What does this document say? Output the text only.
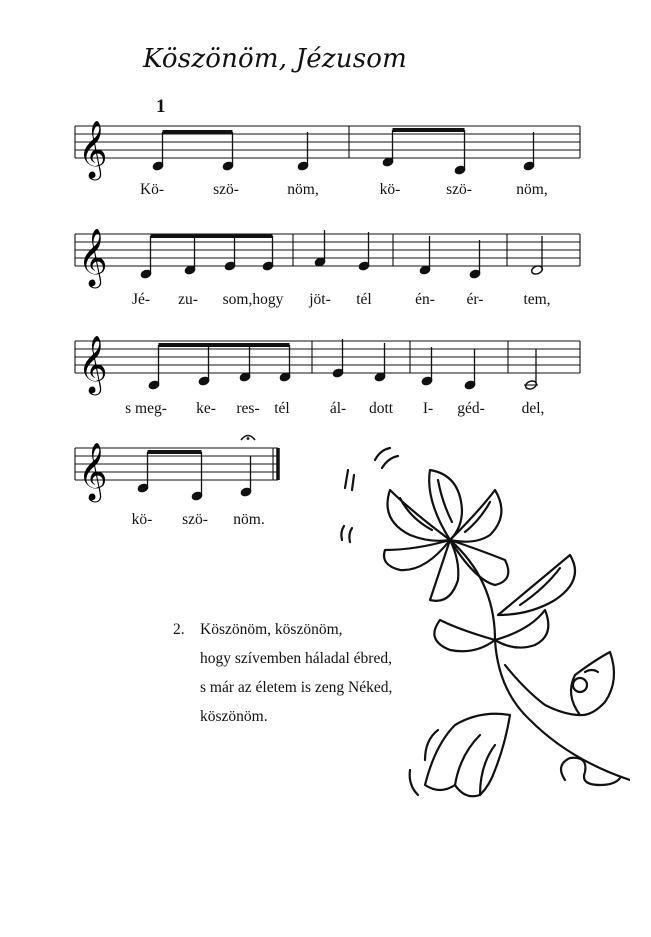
Köszönöm, Jézusom
1
𝄞
Kö-	szö-	nöm,	kö-	szö-	nöm,
𝄞
Jé- zu- som,hogy jöt- tél	én- ér-	tem,
𝄞
s meg- ke- res- tél	ál- dott I- géd- del,
𝄞
kö- szö- nöm.
2. Köszönöm, köszönöm,
hogy szívemben háladal ébred,
s már az életem is zeng Néked,
köszönöm.
